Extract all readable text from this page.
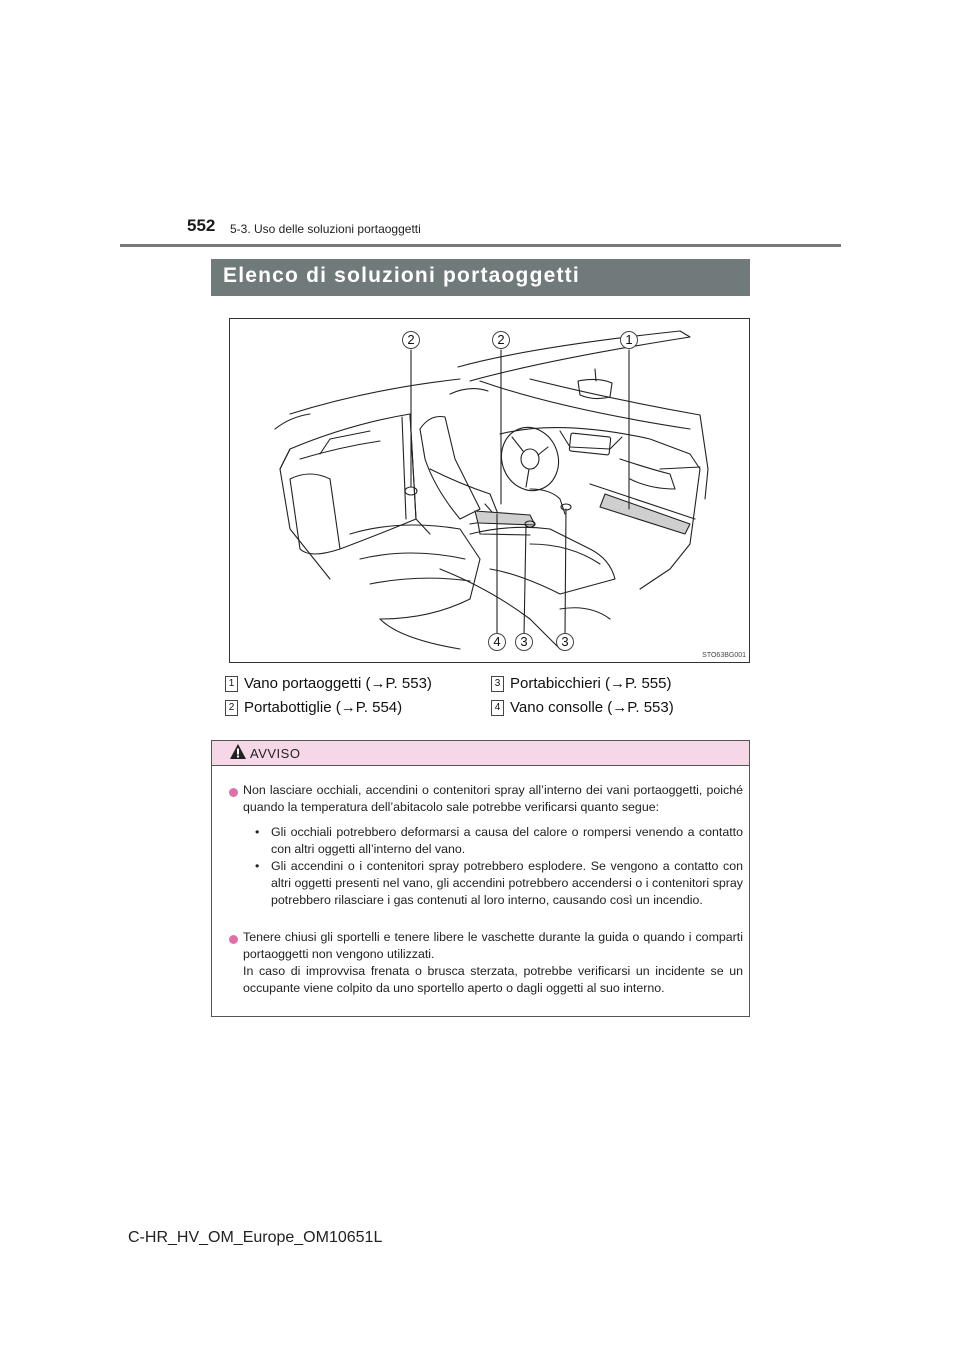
552 5-3. Uso delle soluzioni portaoggetti
Elenco di soluzioni portaoggetti
2	2	1
4	3	3
STO63BG001
1 Vano portaoggetti (→P. 553)
2 Portabottiglie (→P. 554)
3 Portabicchieri (→P. 555)
4 Vano consolle (→P. 553)
AVVISO
Non lasciare occhiali, accendini o contenitori spray all’interno dei vani portaoggetti, poiché quando la temperatura dell’abitacolo sale potrebbe verificarsi quanto segue:
• Gli occhiali potrebbero deformarsi a causa del calore o rompersi venendo a contatto con altri oggetti all’interno del vano.
• Gli accendini o i contenitori spray potrebbero esplodere. Se vengono a contatto con altri oggetti presenti nel vano, gli accendini potrebbero accendersi o i contenitori spray potrebbero rilasciare i gas contenuti al loro interno, causando così un incendio.
Tenere chiusi gli sportelli e tenere libere le vaschette durante la guida o quando i comparti portaoggetti non vengono utilizzati.
In caso di improvvisa frenata o brusca sterzata, potrebbe verificarsi un incidente se un occupante viene colpito da uno sportello aperto o dagli oggetti al suo interno.
C-HR_HV_OM_Europe_OM10651L
